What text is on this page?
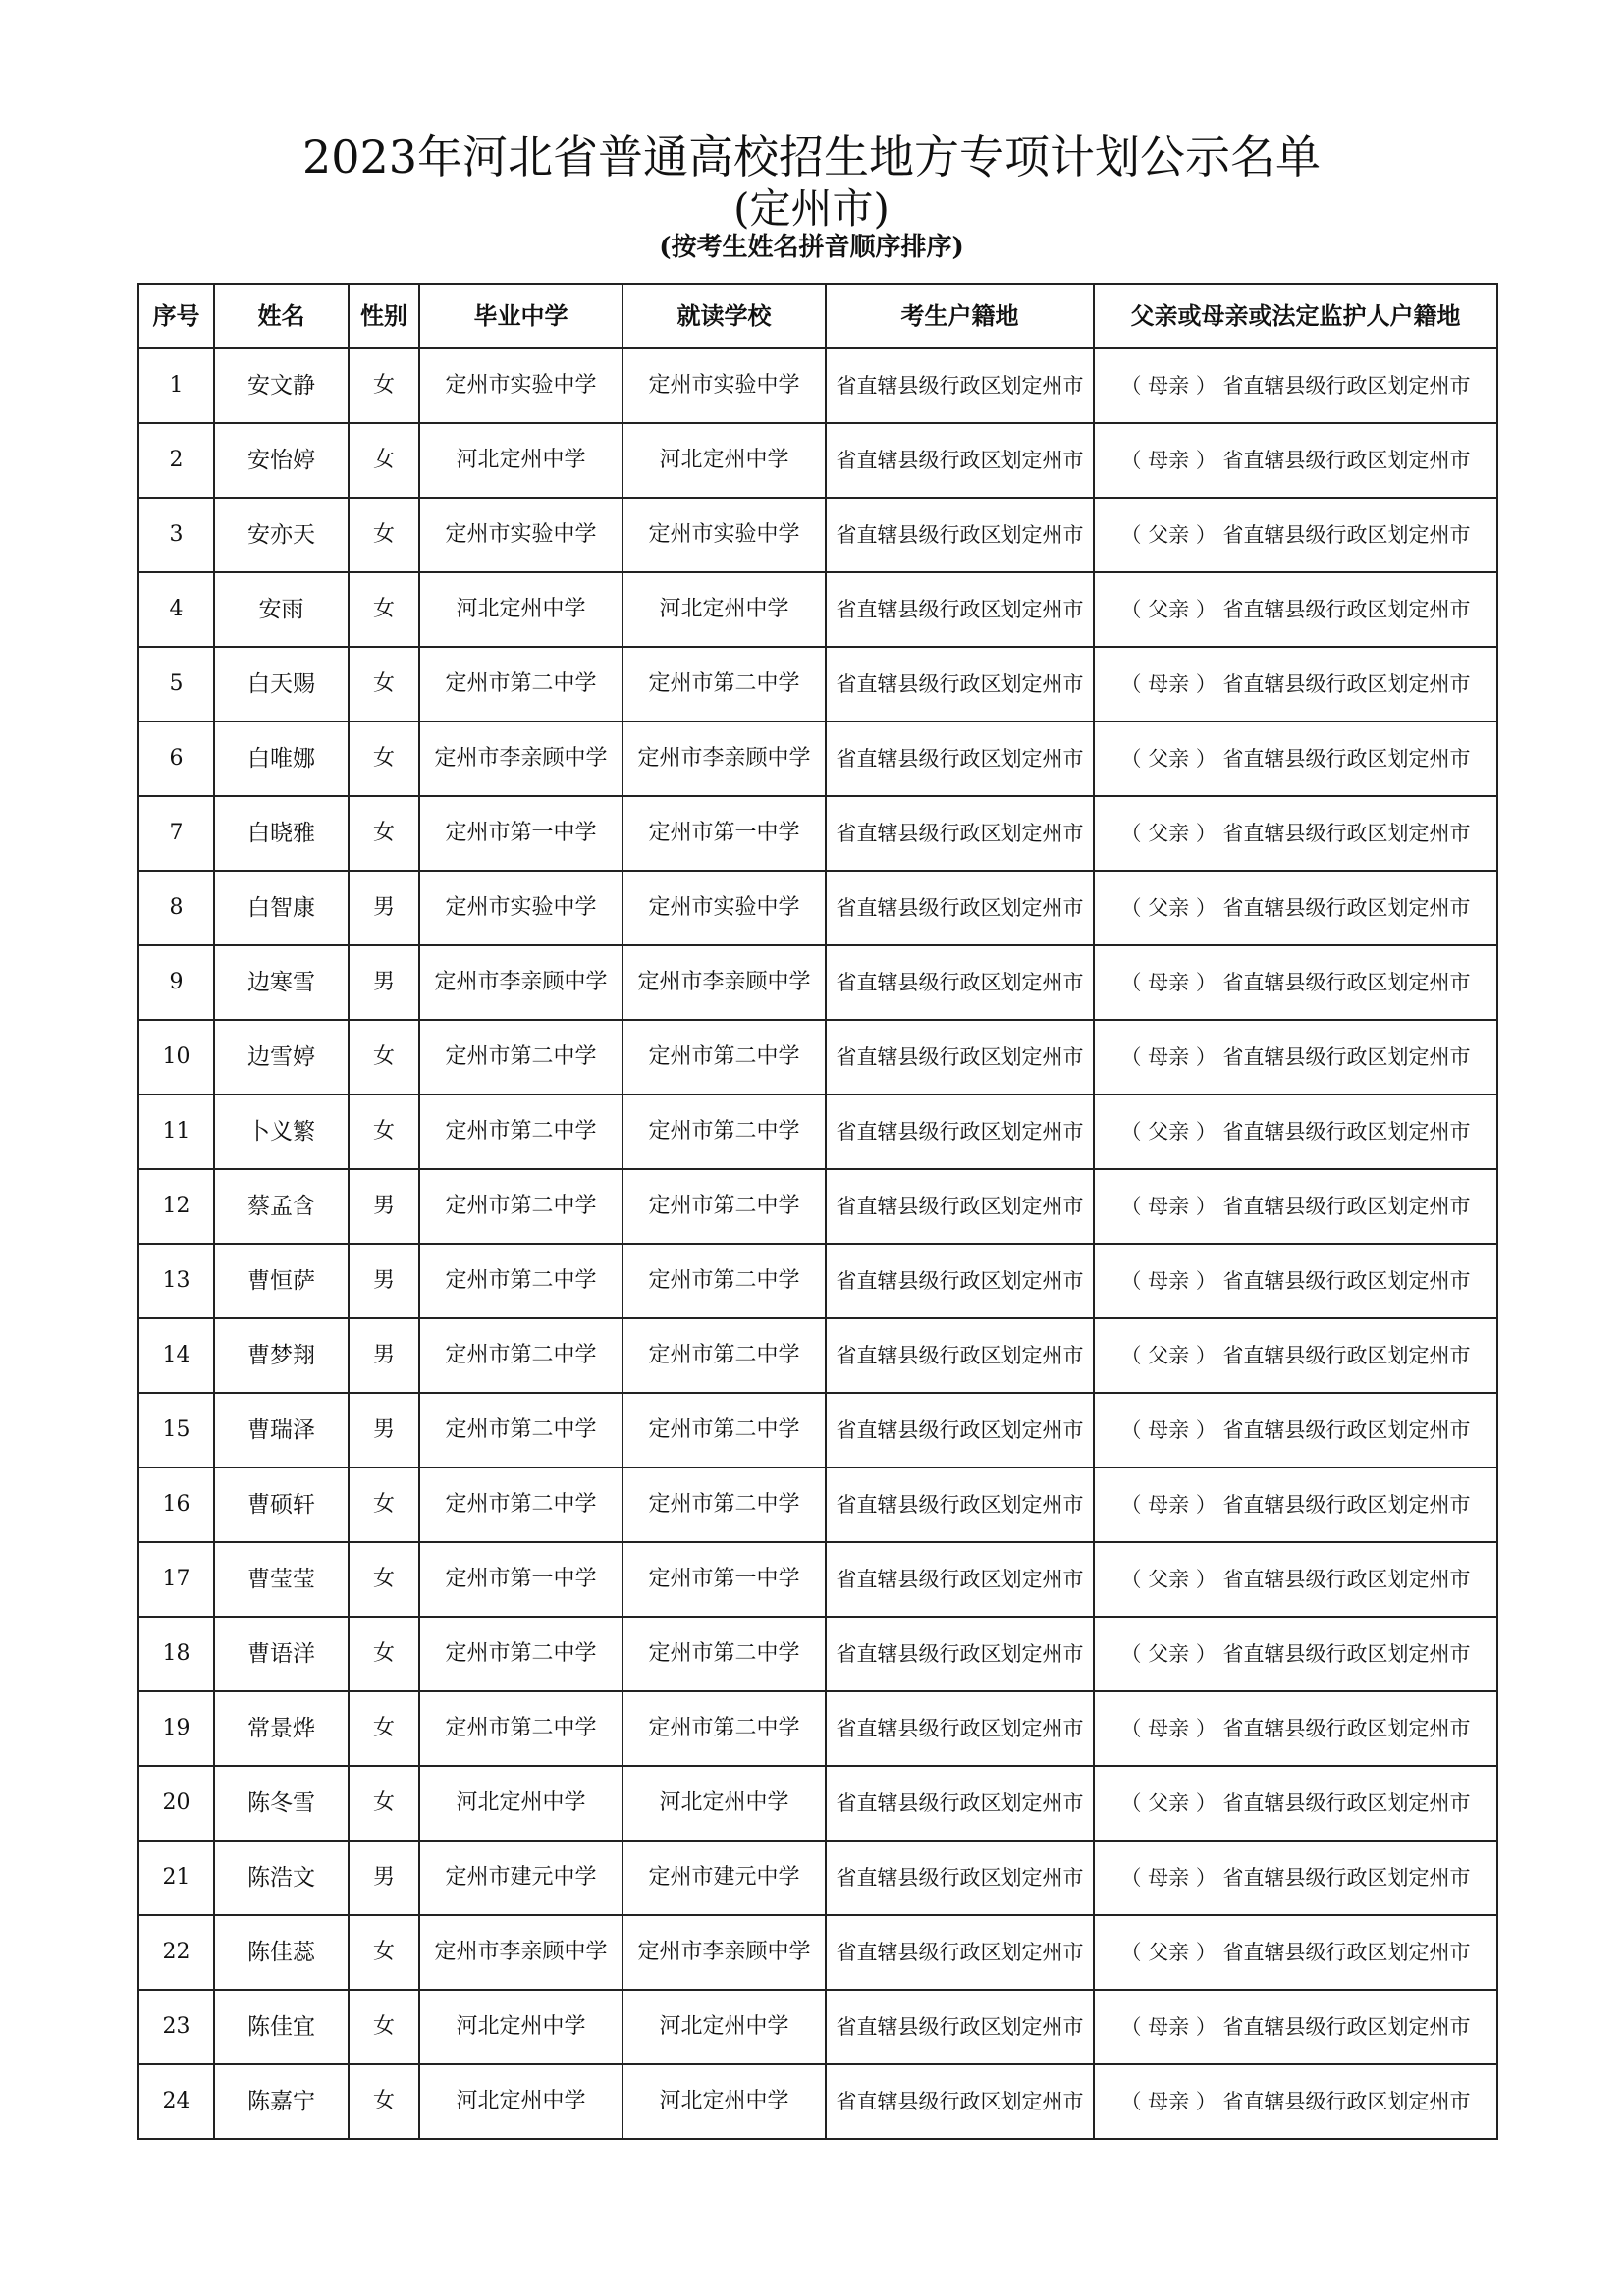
2023年河北省普通高校招生地方专项计划公示名单
(定州市)
(按考生姓名拼音顺序排序)
序号	姓名	性别	毕业中学	就读学校	考生户籍地	父亲或母亲或法定监护人户籍地
1	安文静	女	定州市实验中学	定州市实验中学	省直辖县级行政区划定州市	（ 母亲 ） 省直辖县级行政区划定州市
2	安怡婷	女	河北定州中学	河北定州中学	省直辖县级行政区划定州市	（ 母亲 ） 省直辖县级行政区划定州市
3	安亦天	女	定州市实验中学	定州市实验中学	省直辖县级行政区划定州市	（ 父亲 ） 省直辖县级行政区划定州市
4	安雨	女	河北定州中学	河北定州中学	省直辖县级行政区划定州市	（ 父亲 ） 省直辖县级行政区划定州市
5	白天赐	女	定州市第二中学	定州市第二中学	省直辖县级行政区划定州市	（ 母亲 ） 省直辖县级行政区划定州市
6	白唯娜	女	定州市李亲顾中学	定州市李亲顾中学	省直辖县级行政区划定州市	（ 父亲 ） 省直辖县级行政区划定州市
7	白晓雅	女	定州市第一中学	定州市第一中学	省直辖县级行政区划定州市	（ 父亲 ） 省直辖县级行政区划定州市
8	白智康	男	定州市实验中学	定州市实验中学	省直辖县级行政区划定州市	（ 父亲 ） 省直辖县级行政区划定州市
9	边寒雪	男	定州市李亲顾中学	定州市李亲顾中学	省直辖县级行政区划定州市	（ 母亲 ） 省直辖县级行政区划定州市
10	边雪婷	女	定州市第二中学	定州市第二中学	省直辖县级行政区划定州市	（ 母亲 ） 省直辖县级行政区划定州市
11	卜义繁	女	定州市第二中学	定州市第二中学	省直辖县级行政区划定州市	（ 父亲 ） 省直辖县级行政区划定州市
12	蔡孟含	男	定州市第二中学	定州市第二中学	省直辖县级行政区划定州市	（ 母亲 ） 省直辖县级行政区划定州市
13	曹恒萨	男	定州市第二中学	定州市第二中学	省直辖县级行政区划定州市	（ 母亲 ） 省直辖县级行政区划定州市
14	曹梦翔	男	定州市第二中学	定州市第二中学	省直辖县级行政区划定州市	（ 父亲 ） 省直辖县级行政区划定州市
15	曹瑞泽	男	定州市第二中学	定州市第二中学	省直辖县级行政区划定州市	（ 母亲 ） 省直辖县级行政区划定州市
16	曹硕轩	女	定州市第二中学	定州市第二中学	省直辖县级行政区划定州市	（ 母亲 ） 省直辖县级行政区划定州市
17	曹莹莹	女	定州市第一中学	定州市第一中学	省直辖县级行政区划定州市	（ 父亲 ） 省直辖县级行政区划定州市
18	曹语洋	女	定州市第二中学	定州市第二中学	省直辖县级行政区划定州市	（ 父亲 ） 省直辖县级行政区划定州市
19	常景烨	女	定州市第二中学	定州市第二中学	省直辖县级行政区划定州市	（ 母亲 ） 省直辖县级行政区划定州市
20	陈冬雪	女	河北定州中学	河北定州中学	省直辖县级行政区划定州市	（ 父亲 ） 省直辖县级行政区划定州市
21	陈浩文	男	定州市建元中学	定州市建元中学	省直辖县级行政区划定州市	（ 母亲 ） 省直辖县级行政区划定州市
22	陈佳蕊	女	定州市李亲顾中学	定州市李亲顾中学	省直辖县级行政区划定州市	（ 父亲 ） 省直辖县级行政区划定州市
23	陈佳宜	女	河北定州中学	河北定州中学	省直辖县级行政区划定州市	（ 母亲 ） 省直辖县级行政区划定州市
24	陈嘉宁	女	河北定州中学	河北定州中学	省直辖县级行政区划定州市	（ 母亲 ） 省直辖县级行政区划定州市
